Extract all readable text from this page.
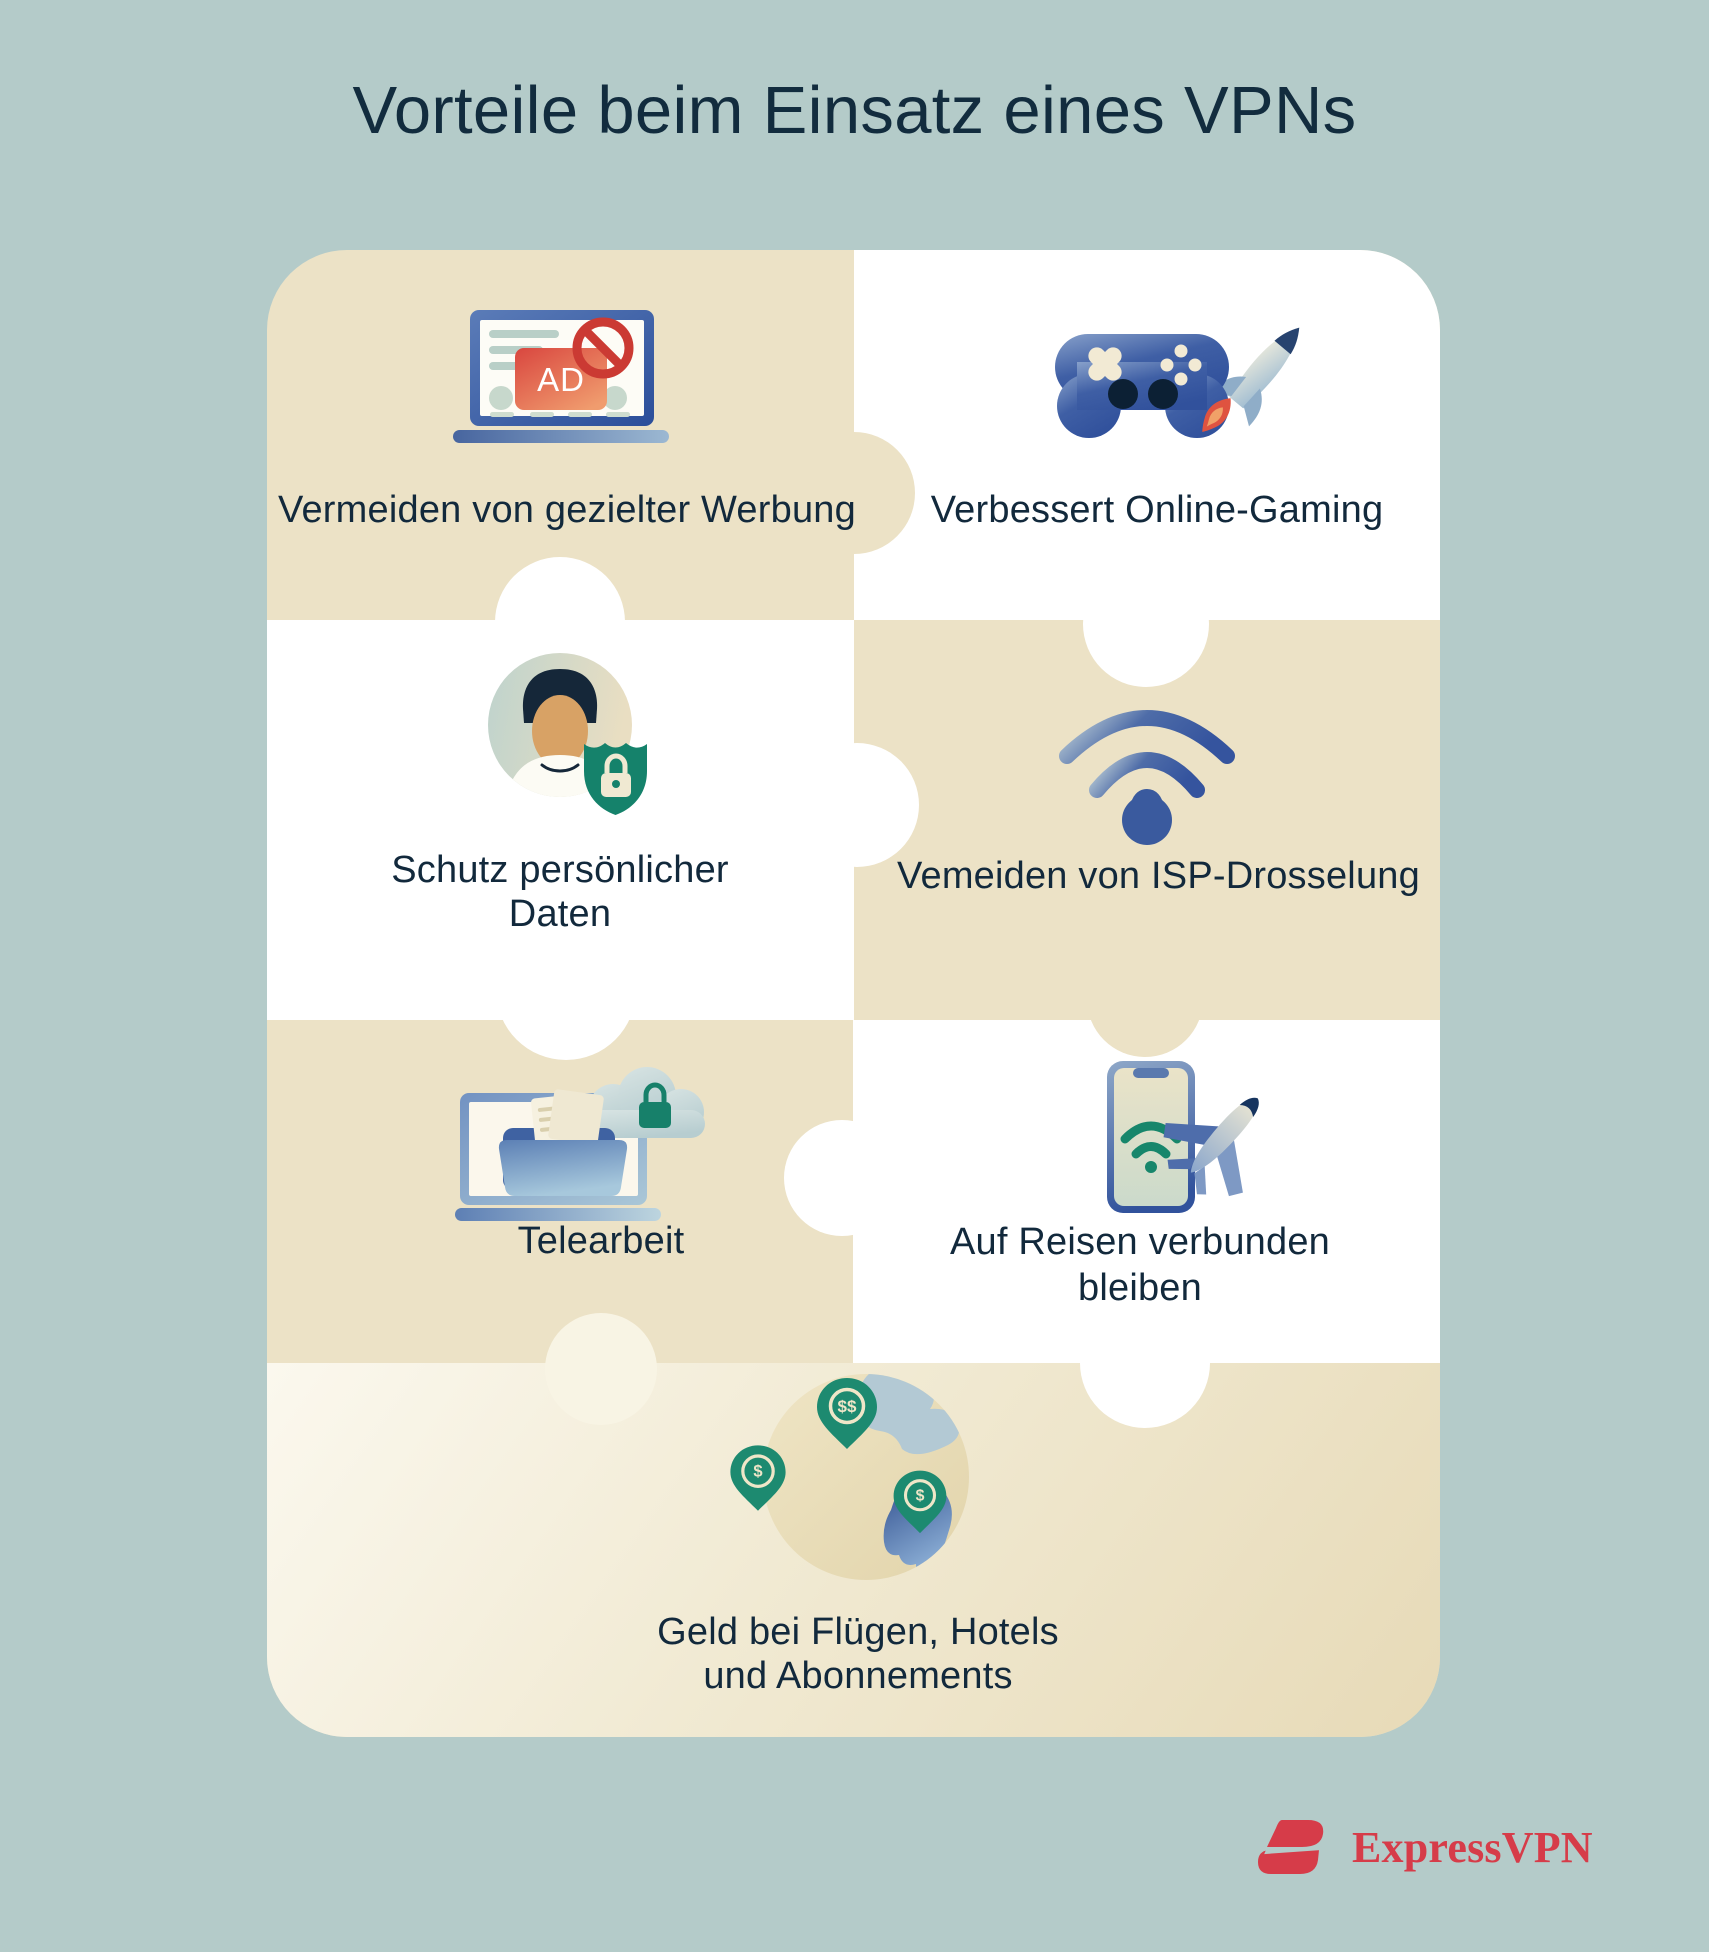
Vorteile beim Einsatz eines VPNs
AD
$$
$
$
Vermeiden von gezielter Werbung	Verbessert Online-Gaming
Schutz persönlicher
Daten
Vemeiden von ISP-Drosselung
Telearbeit	Auf Reisen verbunden
bleiben
Geld bei Flügen, Hotels
und Abonnements
ExpressVPN
